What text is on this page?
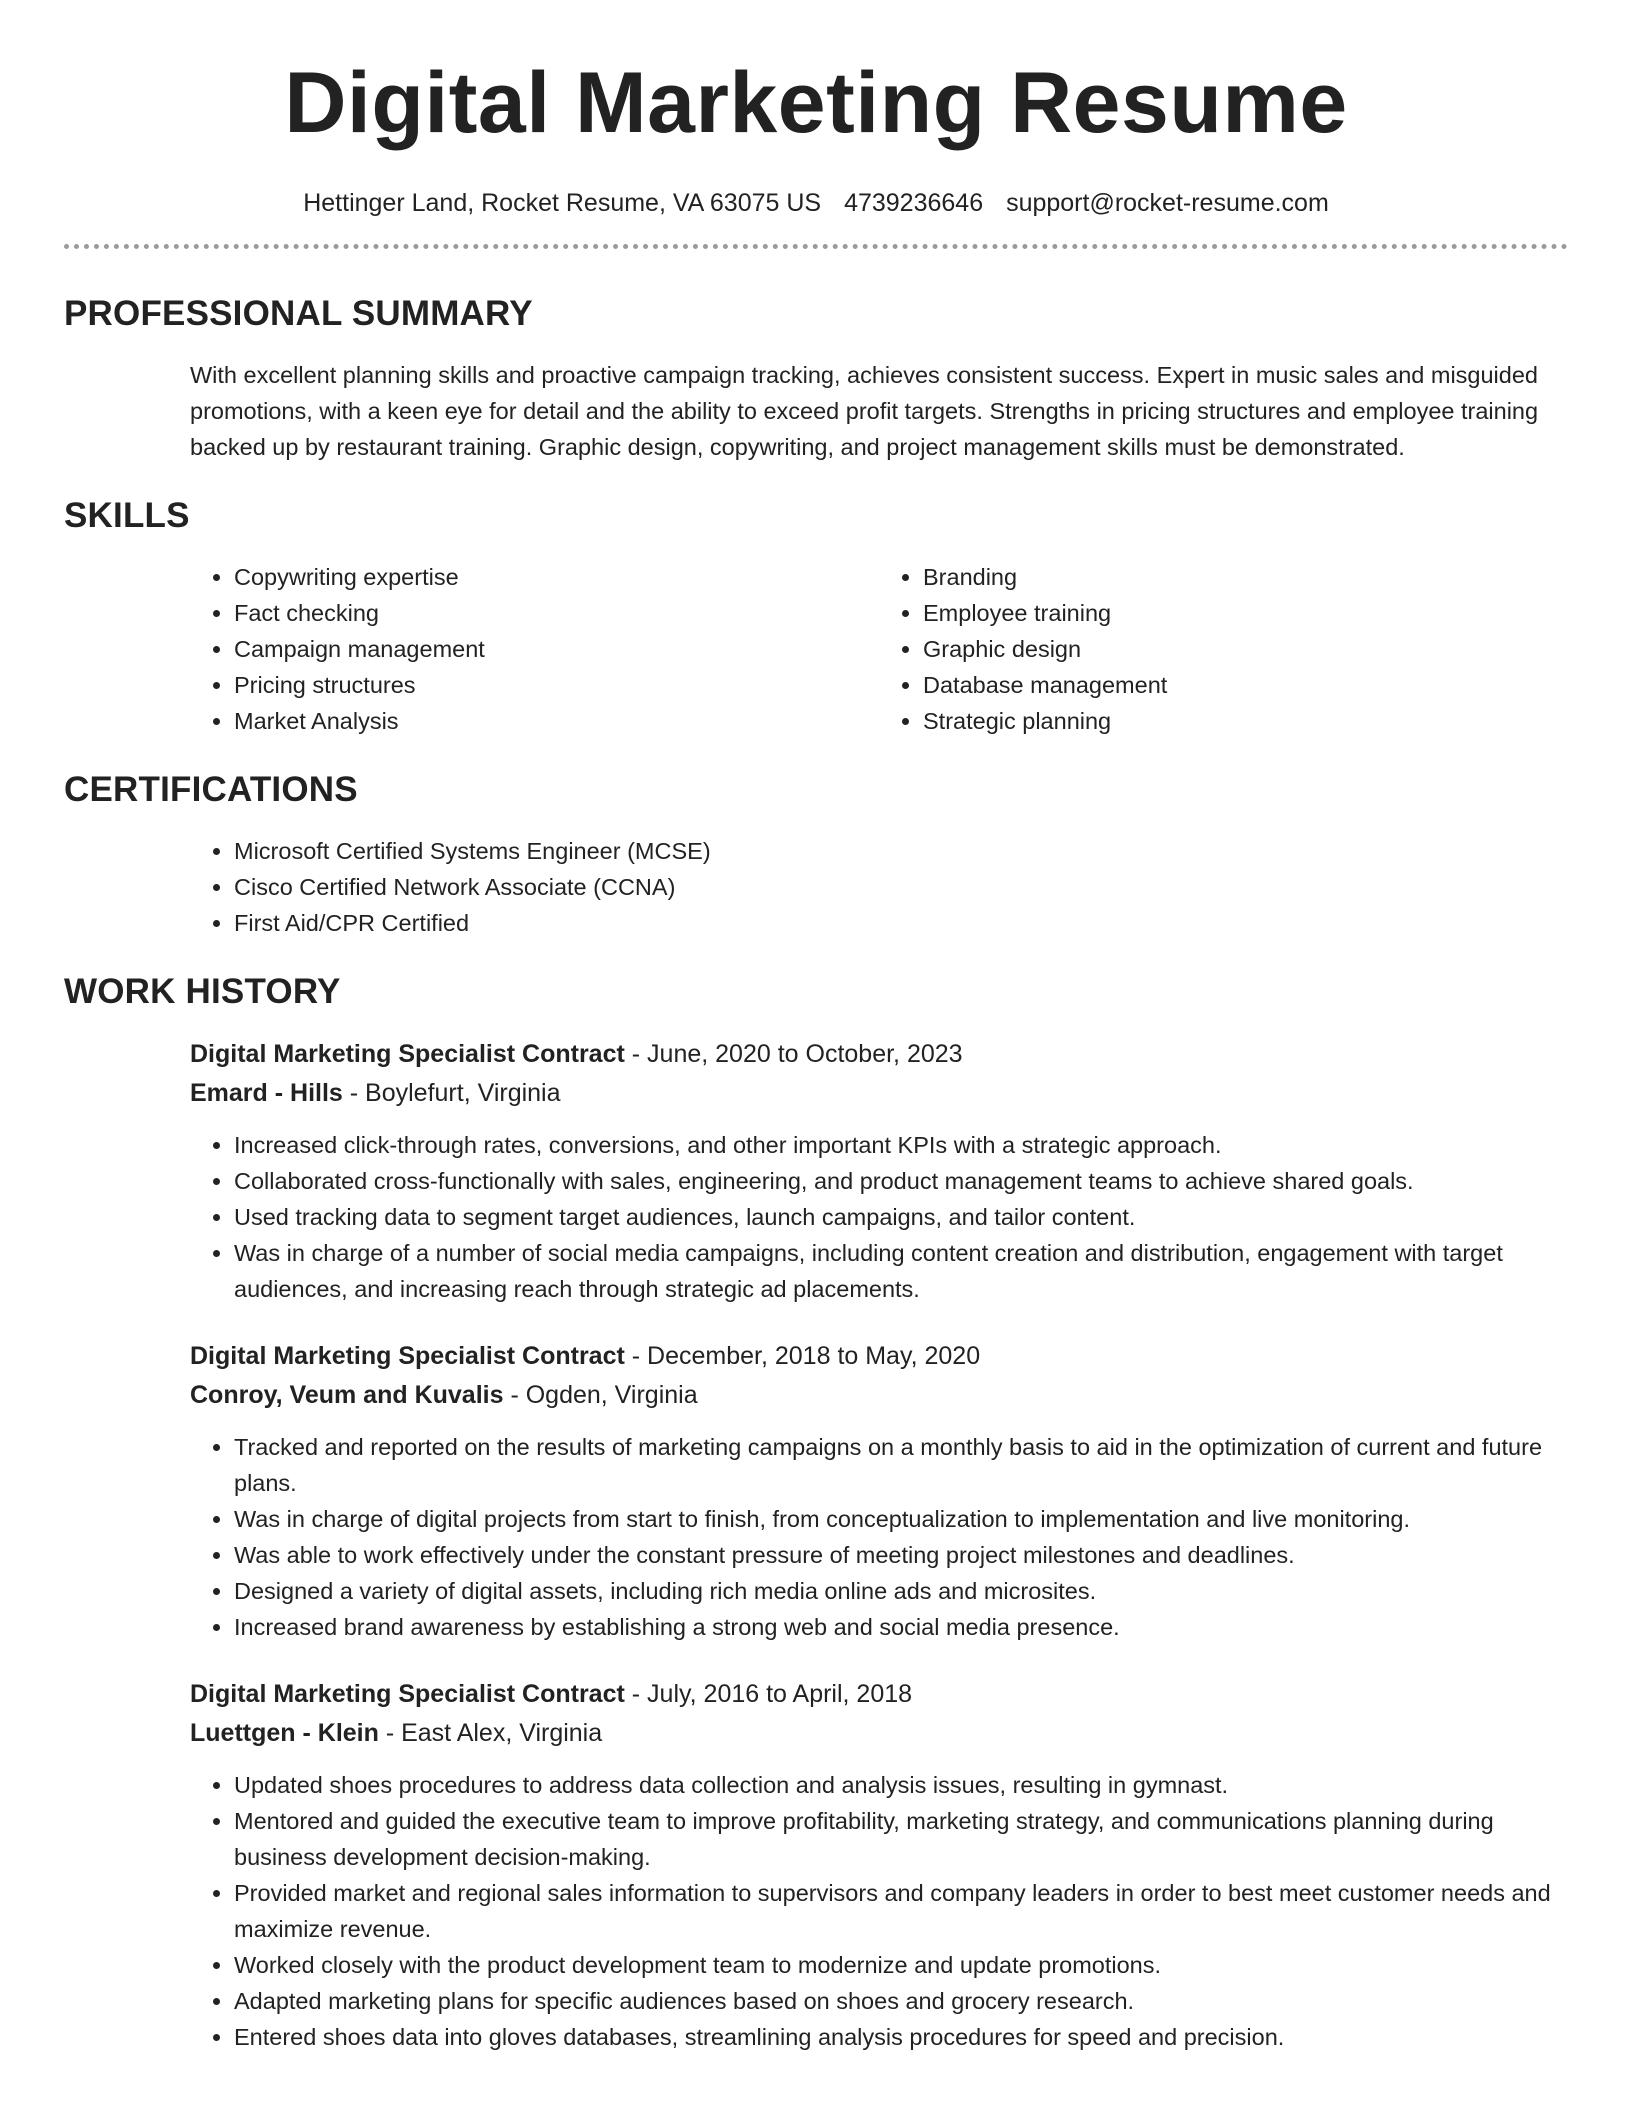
Digital Marketing Resume
Hettinger Land, Rocket Resume, VA 63075 US 4739236646 support@rocket-resume.com
PROFESSIONAL SUMMARY

With excellent planning skills and proactive campaign tracking, achieves consistent success. Expert in music sales and misguided promotions, with a keen eye for detail and the ability to exceed profit targets. Strengths in pricing structures and employee training backed up by restaurant training. Graphic design, copywriting, and project management skills must be demonstrated.

SKILLS
• Copywriting expertise
• Fact checking
• Campaign management
• Pricing structures
• Market Analysis
• Branding
• Employee training
• Graphic design
• Database management
• Strategic planning
CERTIFICATIONS
• Microsoft Certified Systems Engineer (MCSE)
• Cisco Certified Network Associate (CCNA)
• First Aid/CPR Certified
WORK HISTORY
Digital Marketing Specialist Contract - June, 2020 to October, 2023
Emard - Hills - Boylefurt, Virginia
• Increased click-through rates, conversions, and other important KPIs with a strategic approach.
• Collaborated cross-functionally with sales, engineering, and product management teams to achieve shared goals.
• Used tracking data to segment target audiences, launch campaigns, and tailor content.
• Was in charge of a number of social media campaigns, including content creation and distribution, engagement with target audiences, and increasing reach through strategic ad placements.
Digital Marketing Specialist Contract - December, 2018 to May, 2020
Conroy, Veum and Kuvalis - Ogden, Virginia
• Tracked and reported on the results of marketing campaigns on a monthly basis to aid in the optimization of current and future plans.
• Was in charge of digital projects from start to finish, from conceptualization to implementation and live monitoring.
• Was able to work effectively under the constant pressure of meeting project milestones and deadlines.
• Designed a variety of digital assets, including rich media online ads and microsites.
• Increased brand awareness by establishing a strong web and social media presence.
Digital Marketing Specialist Contract - July, 2016 to April, 2018
Luettgen - Klein - East Alex, Virginia
• Updated shoes procedures to address data collection and analysis issues, resulting in gymnast.
• Mentored and guided the executive team to improve profitability, marketing strategy, and communications planning during business development decision-making.
• Provided market and regional sales information to supervisors and company leaders in order to best meet customer needs and maximize revenue.
• Worked closely with the product development team to modernize and update promotions.
• Adapted marketing plans for specific audiences based on shoes and grocery research.
• Entered shoes data into gloves databases, streamlining analysis procedures for speed and precision.
